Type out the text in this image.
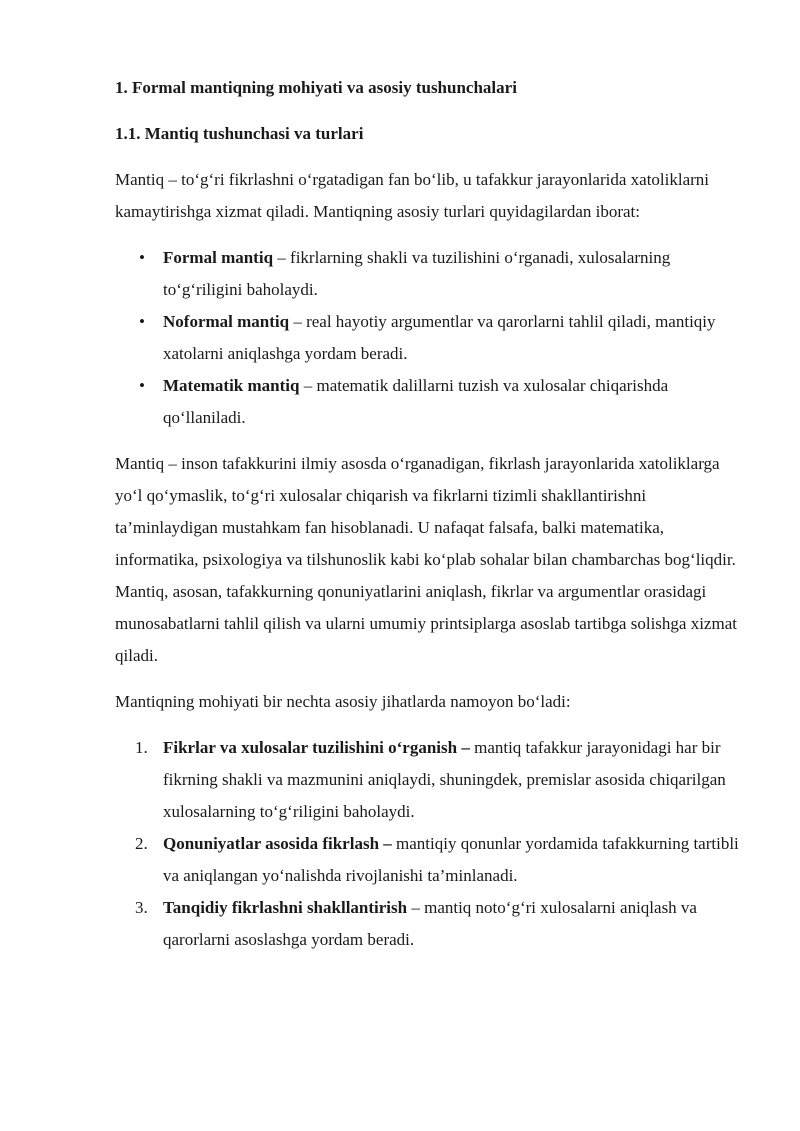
1. Formal mantiqning mohiyati va asosiy tushunchalari
1.1. Mantiq tushunchasi va turlari

Mantiq – to‘g‘ri fikrlashni o‘rgatadigan fan bo‘lib, u tafakkur jarayonlarida xatoliklarni kamaytirishga xizmat qiladi. Mantiqning asosiy turlari quyidagilardan iborat:

• Formal mantiq – fikrlarning shakli va tuzilishini o‘rganadi, xulosalarning to‘g‘riligini baholaydi.
• Noformal mantiq – real hayotiy argumentlar va qarorlarni tahlil qiladi, mantiqiy xatolarni aniqlashga yordam beradi.
• Matematik mantiq – matematik dalillarni tuzish va xulosalar chiqarishda qo‘llaniladi.

Mantiq – inson tafakkurini ilmiy asosda o‘rganadigan, fikrlash jarayonlarida xatoliklarga yo‘l qo‘ymaslik, to‘g‘ri xulosalar chiqarish va fikrlarni tizimli shakllantirishni ta’minlaydigan mustahkam fan hisoblanadi. U nafaqat falsafa, balki matematika, informatika, psixologiya va tilshunoslik kabi ko‘plab sohalar bilan chambarchas bog‘liqdir. Mantiq, asosan, tafakkurning qonuniyatlarini aniqlash, fikrlar va argumentlar orasidagi munosabatlarni tahlil qilish va ularni umumiy printsiplarga asoslab tartibga solishga xizmat qiladi.

Mantiqning mohiyati bir nechta asosiy jihatlarda namoyon bo‘ladi:

1. Fikrlar va xulosalar tuzilishini o‘rganish – mantiq tafakkur jarayonidagi har bir fikrning shakli va mazmunini aniqlaydi, shuningdek, premislar asosida chiqarilgan xulosalarning to‘g‘riligini baholaydi.
2. Qonuniyatlar asosida fikrlash – mantiqiy qonunlar yordamida tafakkurning tartibli va aniqlangan yo‘nalishda rivojlanishi ta’minlanadi.
3. Tanqidiy fikrlashni shakllantirish – mantiq noto‘g‘ri xulosalarni aniqlash va qarorlarni asoslashga yordam beradi.
